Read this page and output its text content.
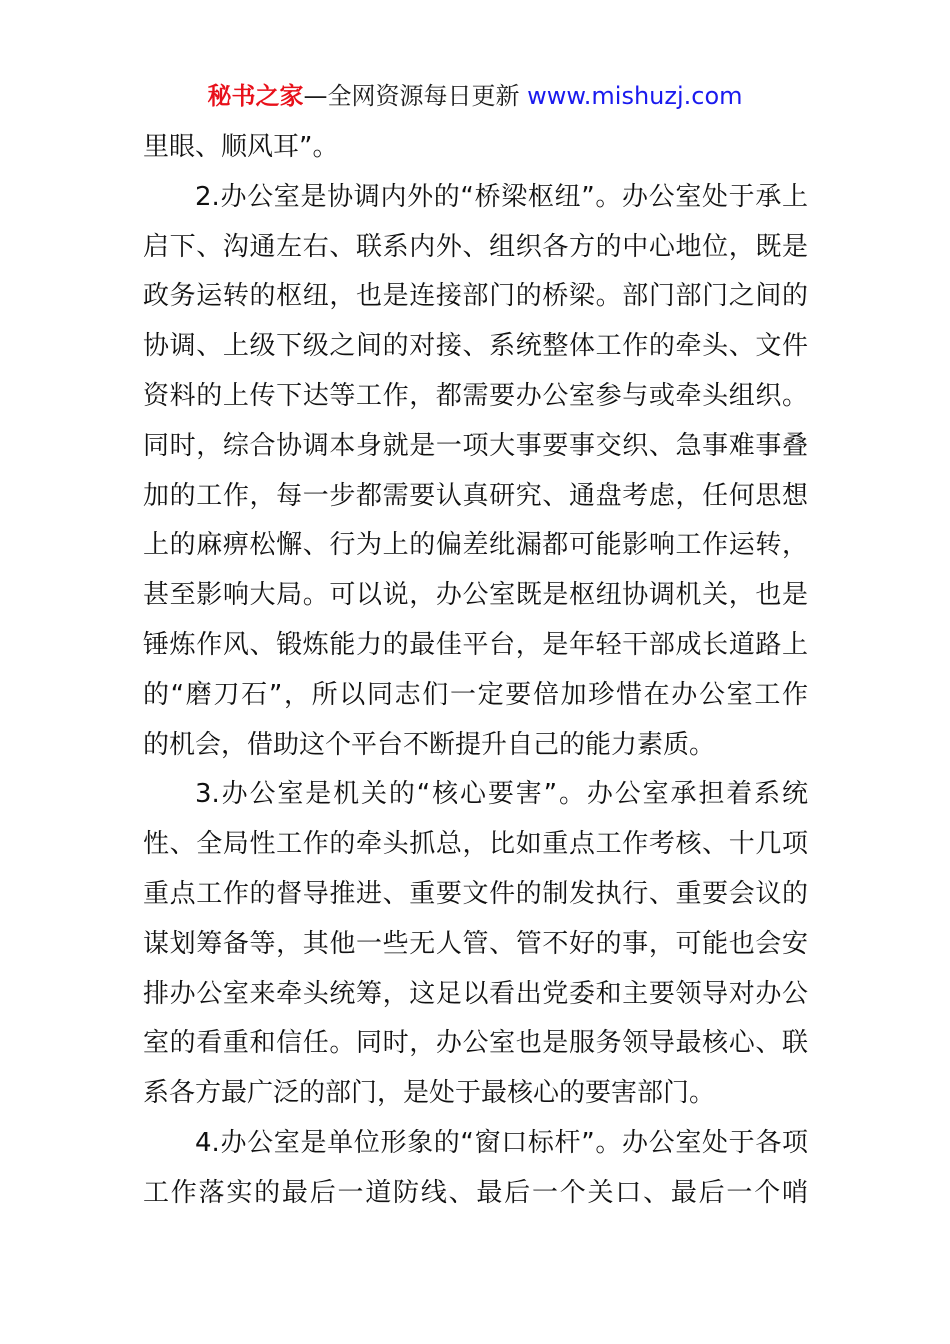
秘书之家—全网资源每日更新 www.mishuzj.com
里眼、顺风耳”。
2.办公室是协调内外的“桥梁枢纽”。办公室处于承上
启下、沟通左右、联系内外、组织各方的中心地位，既是
政务运转的枢纽，也是连接部门的桥梁。部门部门之间的
协调、上级下级之间的对接、系统整体工作的牵头、文件
资料的上传下达等工作，都需要办公室参与或牵头组织。
同时，综合协调本身就是一项大事要事交织、急事难事叠
加的工作，每一步都需要认真研究、通盘考虑，任何思想
上的麻痹松懈、行为上的偏差纰漏都可能影响工作运转，
甚至影响大局。可以说，办公室既是枢纽协调机关，也是
锤炼作风、锻炼能力的最佳平台，是年轻干部成长道路上
的“磨刀石”，所以同志们一定要倍加珍惜在办公室工作
的机会，借助这个平台不断提升自己的能力素质。
3.办公室是机关的“核心要害”。办公室承担着系统
性、全局性工作的牵头抓总，比如重点工作考核、十几项
重点工作的督导推进、重要文件的制发执行、重要会议的
谋划筹备等，其他一些无人管、管不好的事，可能也会安
排办公室来牵头统筹，这足以看出党委和主要领导对办公
室的看重和信任。同时，办公室也是服务领导最核心、联
系各方最广泛的部门，是处于最核心的要害部门。
4.办公室是单位形象的“窗口标杆”。办公室处于各项
工作落实的最后一道防线、最后一个关口、最后一个哨
